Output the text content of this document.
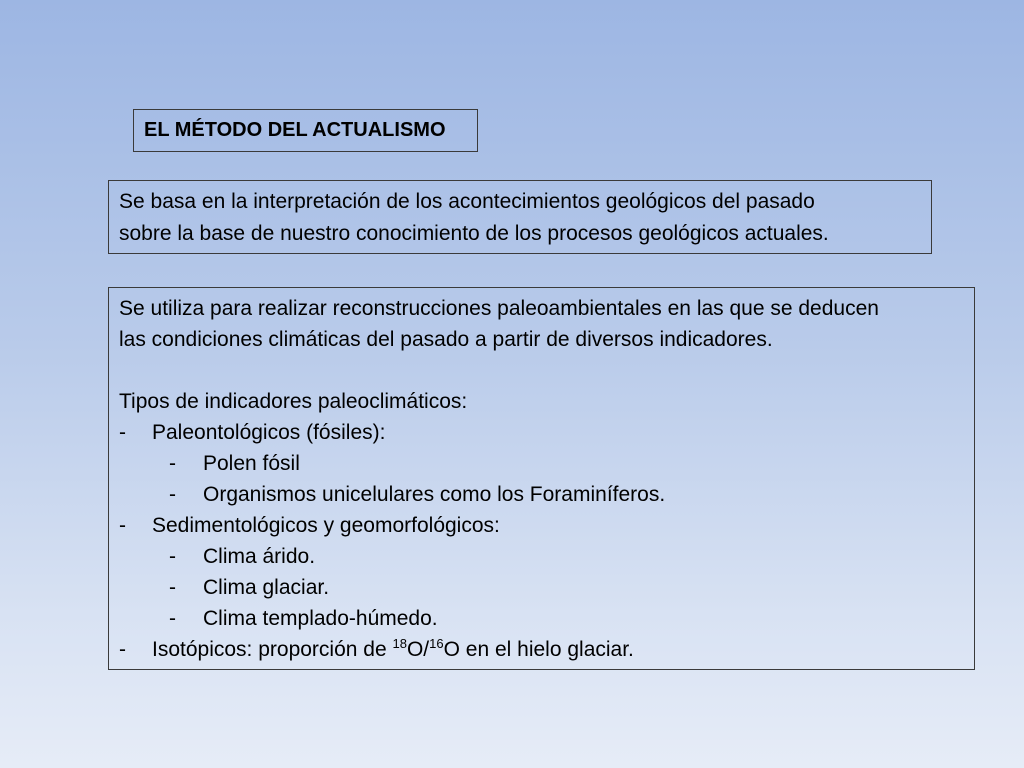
EL MÉTODO DEL ACTUALISMO
Se basa en la interpretación de los acontecimientos geológicos del pasado
sobre la base de nuestro conocimiento de los procesos geológicos actuales.
Se utiliza para realizar reconstrucciones paleoambientales en las que se deducen
las condiciones climáticas del pasado a partir de diversos indicadores.
Tipos de indicadores paleoclimáticos:
- Paleontológicos (fósiles):
- Polen fósil
- Organismos unicelulares como los Foraminíferos.
- Sedimentológicos y geomorfológicos:
- Clima árido.
- Clima glaciar.
- Clima templado-húmedo.
- Isotópicos: proporción de $^{18}$O/$^{16}$O en el hielo glaciar.
